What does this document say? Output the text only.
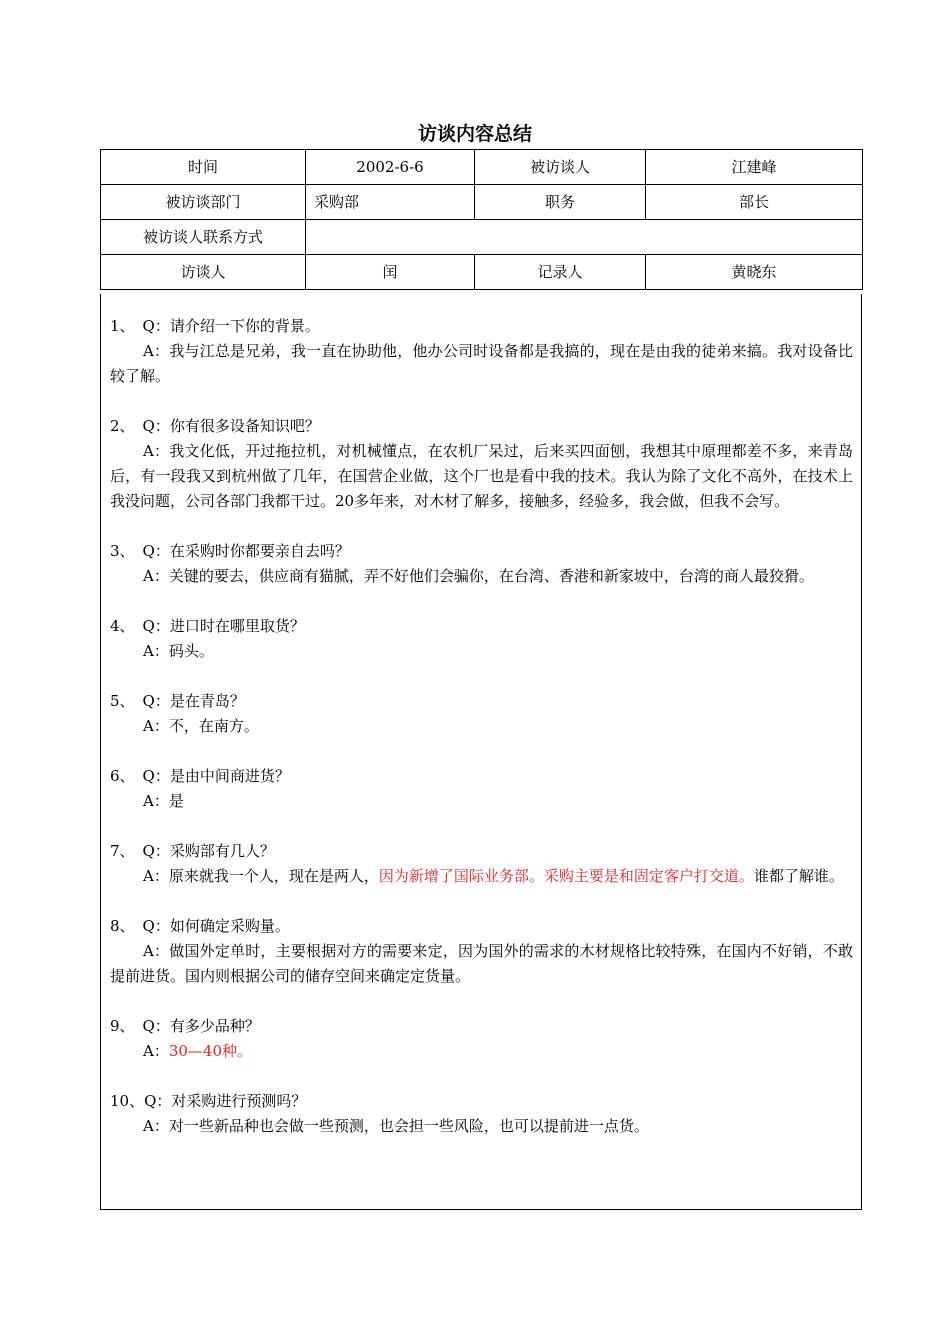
访谈内容总结
时间	2002-6-6	被访谈人	江建峰
被访谈部门	采购部	职务	部长
被访谈人联系方式			
访谈人	闰	记录人	黄晓东
1、 Q：请介绍一下你的背景。
A：我与江总是兄弟，我一直在协助他，他办公司时设备都是我搞的，现在是由我的徒弟来搞。我对设备比较了解。
2、 Q：你有很多设备知识吧？
A：我文化低，开过拖拉机，对机械懂点，在农机厂呆过，后来买四面刨，我想其中原理都差不多，来青岛后，有一段我又到杭州做了几年，在国营企业做，这个厂也是看中我的技术。我认为除了文化不高外，在技术上我没问题，公司各部门我都干过。20多年来，对木材了解多，接触多，经验多，我会做，但我不会写。
3、 Q：在采购时你都要亲自去吗？
A：关键的要去，供应商有猫腻，弄不好他们会骗你，在台湾、香港和新家坡中，台湾的商人最狡猾。
4、 Q：进口时在哪里取货？
A：码头。
5、 Q：是在青岛？
A：不，在南方。
6、 Q：是由中间商进货？
A：是
7、 Q：采购部有几人？
A：原来就我一个人，现在是两人，因为新增了国际业务部。采购主要是和固定客户打交道。谁都了解谁。
8、 Q：如何确定采购量。
A：做国外定单时，主要根据对方的需要来定，因为国外的需求的木材规格比较特殊，在国内不好销，不敢提前进货。国内则根据公司的储存空间来确定定货量。
9、 Q：有多少品种？
A：30—40种。
10、Q：对采购进行预测吗？
A：对一些新品种也会做一些预测，也会担一些风险，也可以提前进一点货。
